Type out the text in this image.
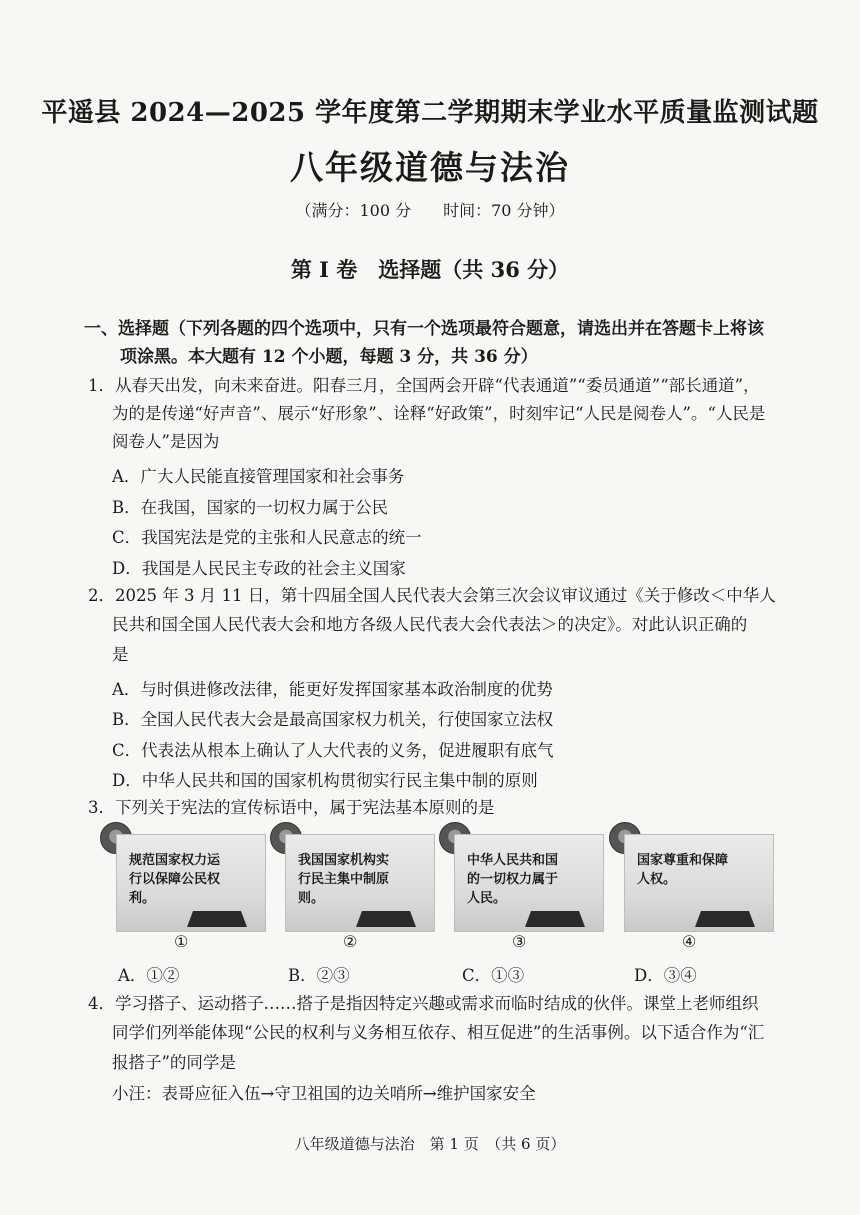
平遥县 2024—2025 学年度第二学期期末学业水平质量监测试题
八年级道德与法治
（满分：100 分　　时间：70 分钟）
第 Ⅰ 卷　选择题（共 36 分）
一、选择题（下列各题的四个选项中，只有一个选项最符合题意，请选出并在答题卡上将该
项涂黑。本大题有 12 个小题，每题 3 分，共 36 分）
1．从春天出发，向未来奋进。阳春三月，全国两会开辟“代表通道”“委员通道”“部长通道”，
为的是传递“好声音”、展示“好形象”、诠释“好政策”，时刻牢记“人民是阅卷人”。“人民是
阅卷人”是因为
A．广大人民能直接管理国家和社会事务
B．在我国，国家的一切权力属于公民
C．我国宪法是党的主张和人民意志的统一
D．我国是人民民主专政的社会主义国家
2．2025 年 3 月 11 日，第十四届全国人民代表大会第三次会议审议通过《关于修改＜中华人
民共和国全国人民代表大会和地方各级人民代表大会代表法＞的决定》。对此认识正确的
是
A．与时俱进修改法律，能更好发挥国家基本政治制度的优势
B．全国人民代表大会是最高国家权力机关，行使国家立法权
C．代表法从根本上确认了人大代表的义务，促进履职有底气
D．中华人民共和国的国家机构贯彻实行民主集中制的原则
3．下列关于宪法的宣传标语中，属于宪法基本原则的是
规范国家权力运行以保障公民权利。
我国国家机构实行民主集中制原则。
中华人民共和国的一切权力属于人民。
国家尊重和保障人权。
①	②	③	④
A．①②	B．②③	C．①③	D．③④
4．学习搭子、运动搭子……搭子是指因特定兴趣或需求而临时结成的伙伴。课堂上老师组织
同学们列举能体现“公民的权利与义务相互依存、相互促进”的生活事例。以下适合作为“汇
报搭子”的同学是
小汪：表哥应征入伍→守卫祖国的边关哨所→维护国家安全
八年级道德与法治　第 1 页　（共 6 页）
